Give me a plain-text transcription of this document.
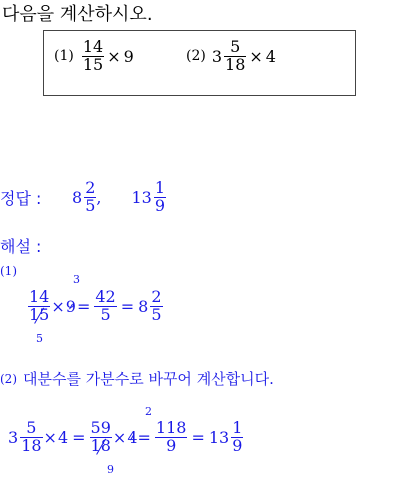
다음을 계산하시오.
$(1) \frac{14}{15} \times 9$	(2) $3 \frac{5}{18} \times 4$
정답 :	$8 \frac{2}{5}$ , $13 \frac{1}{9}$
해설 :
(1)
3
5
$\frac{14}{15} \times 9 = \frac{42}{5} = 8 \frac{2}{5}$
(2) 대분수를 가분수로 바꾸어 계산합니다.
2
9
$3 \frac{5}{18} \times 4 = \frac{59}{18} \times 4 = \frac{118}{9} = 13 \frac{1}{9}$
